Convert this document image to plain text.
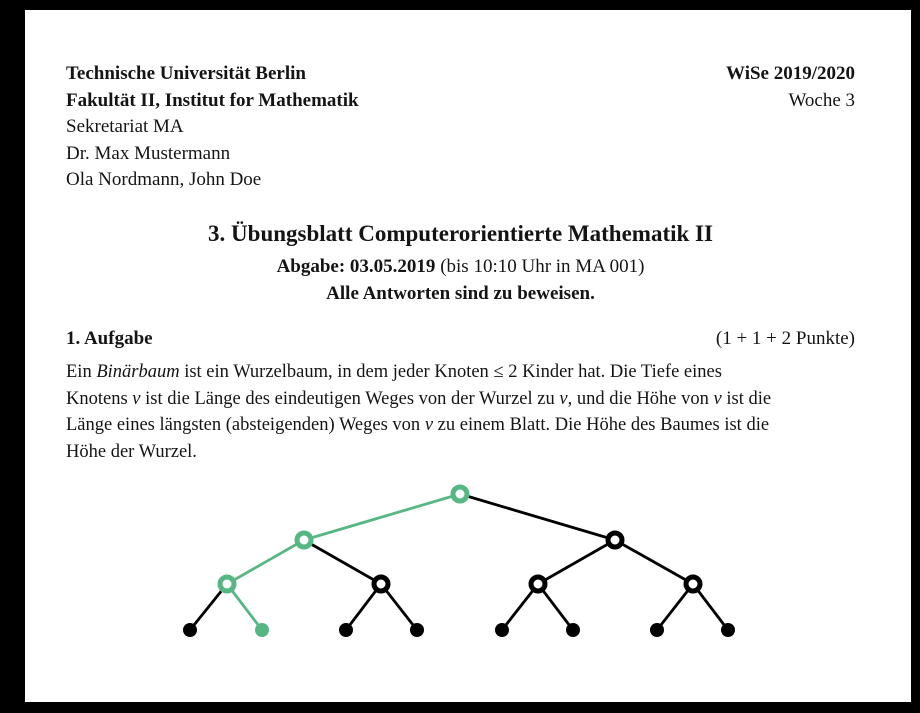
Technische Universität Berlin
Fakultät II, Institut for Mathematik
Sekretariat MA
Dr. Max Mustermann
Ola Nordmann, John Doe
WiSe 2019/2020
Woche 3
3. Übungsblatt Computerorientierte Mathematik II
Abgabe: 03.05.2019 (bis 10:10 Uhr in MA 001)
Alle Antworten sind zu beweisen.
1. Aufgabe	(1 + 1 + 2 Punkte)
Ein Binärbaum ist ein Wurzelbaum, in dem jeder Knoten ≤ 2 Kinder hat. Die Tiefe eines
Knotens v ist die Länge des eindeutigen Weges von der Wurzel zu v, und die Höhe von v ist die
Länge eines längsten (absteigenden) Weges von v zu einem Blatt. Die Höhe des Baumes ist die
Höhe der Wurzel.
